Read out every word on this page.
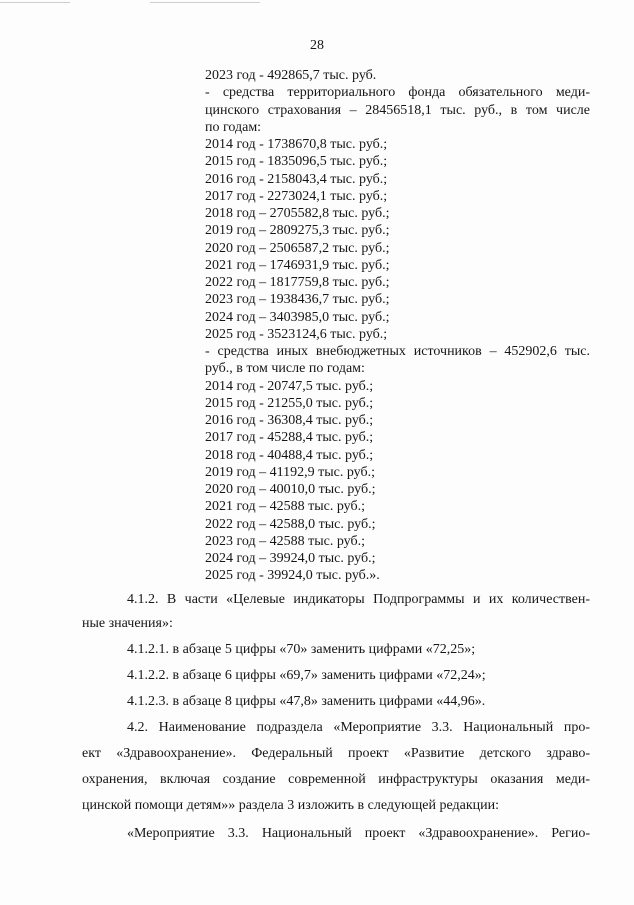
28
2023 год - 492865,7 тыс. руб.
- средства территориального фонда обязательного меди-
цинского страхования – 28456518,1 тыс. руб., в том числе
по годам:
2014 год - 1738670,8 тыс. руб.;
2015 год - 1835096,5 тыс. руб.;
2016 год - 2158043,4 тыс. руб.;
2017 год - 2273024,1 тыс. руб.;
2018 год – 2705582,8 тыс. руб.;
2019 год – 2809275,3 тыс. руб.;
2020 год – 2506587,2 тыс. руб.;
2021 год – 1746931,9 тыс. руб.;
2022 год – 1817759,8 тыс. руб.;
2023 год – 1938436,7 тыс. руб.;
2024 год – 3403985,0 тыс. руб.;
2025 год - 3523124,6 тыс. руб.;
- средства иных внебюджетных источников – 452902,6 тыс.
руб., в том числе по годам:
2014 год - 20747,5 тыс. руб.;
2015 год - 21255,0 тыс. руб.;
2016 год - 36308,4 тыс. руб.;
2017 год - 45288,4 тыс. руб.;
2018 год - 40488,4 тыс. руб.;
2019 год – 41192,9 тыс. руб.;
2020 год – 40010,0 тыс. руб.;
2021 год – 42588 тыс. руб.;
2022 год – 42588,0 тыс. руб.;
2023 год – 42588 тыс. руб.;
2024 год – 39924,0 тыс. руб.;
2025 год - 39924,0 тыс. руб.».
4.1.2. В части «Целевые индикаторы Подпрограммы и их количествен-
ные значения»:
4.1.2.1. в абзаце 5 цифры «70» заменить цифрами «72,25»;
4.1.2.2. в абзаце 6 цифры «69,7» заменить цифрами «72,24»;
4.1.2.3. в абзаце 8 цифры «47,8» заменить цифрами «44,96».
4.2. Наименование подраздела «Мероприятие 3.3. Национальный про-
ект «Здравоохранение». Федеральный проект «Развитие детского здраво-
охранения, включая создание современной инфраструктуры оказания меди-
цинской помощи детям»» раздела 3 изложить в следующей редакции:
«Мероприятие 3.3. Национальный проект «Здравоохранение». Регио-
